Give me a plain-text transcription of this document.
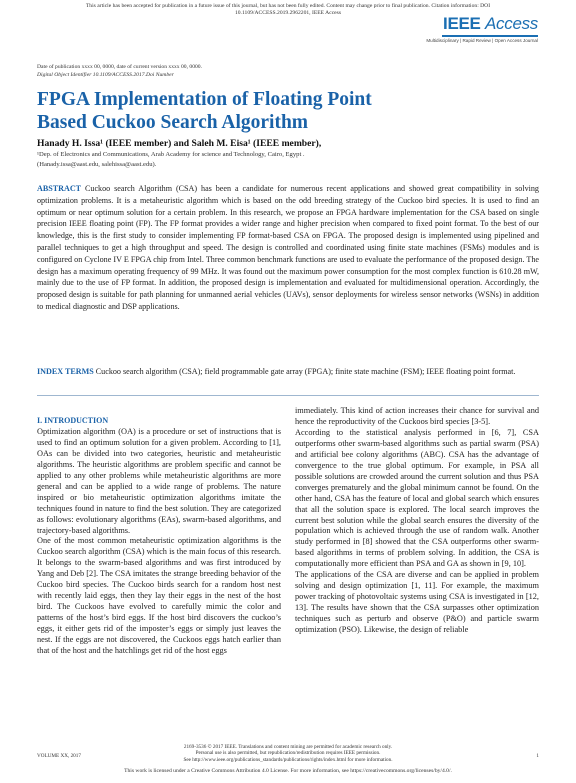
This article has been accepted for publication in a future issue of this journal, but has not been fully edited. Content may change prior to final publication. Citation information: DOI
10.1109/ACCESS.2019.2962201, IEEE Access
IEEE Access
Multidisciplinary | Rapid Review | Open Access Journal
Date of publication xxxx 00, 0000, date of current version xxxx 00, 0000.
Digital Object Identifier 10.1109/ACCESS.2017.Doi Number
FPGA Implementation of Floating Point
Based Cuckoo Search Algorithm
Hanady H. Issa¹ (IEEE member) and Saleh M. Eisa¹ (IEEE member),
¹Dep. of Electronics and Communications, Arab Academy for science and Technology, Cairo, Egypt .
(Hanady.issa@aast.edu, salehissa@aast.edu).
ABSTRACT Cuckoo search Algorithm (CSA) has been a candidate for numerous recent applications and showed great compatibility in solving optimization problems. It is a metaheuristic algorithm which is based on the odd breeding strategy of the Cuckoo bird species. It is used to find an optimum or near optimum solution for a certain problem. In this research, we propose an FPGA hardware implementation for the CSA based on single precision IEEE floating point (FP). The FP format provides a wider range and higher precision when compared to fixed point format. To the best of our knowledge, this is the first study to consider implementing FP format-based CSA on FPGA. The proposed design is implemented using pipelined and parallel techniques to get a high throughput and speed. The design is controlled and coordinated using finite state machines (FSMs) modules and is configured on Cyclone IV E FPGA chip from Intel. Three common benchmark functions are used to evaluate the performance of the proposed design. The design has a maximum operating frequency of 99 MHz. It was found out the maximum power consumption for the most complex function is 610.28 mW, mainly due to the use of FP format. In addition, the proposed design is implementation and evaluated for multidimensional operation. Accordingly, the proposed design is suitable for path planning for unmanned aerial vehicles (UAVs), sensor deployments for wireless sensor networks (WSNs) in addition to medical diagnostic and DSP applications.
INDEX TERMS Cuckoo search algorithm (CSA); field programmable gate array (FPGA); finite state machine (FSM); IEEE floating point format.
I. INTRODUCTION

Optimization algorithm (OA) is a procedure or set of instructions that is used to find an optimum solution for a given problem. According to [1], OAs can be divided into two categories, heuristic and metaheuristic algorithms. The heuristic algorithms are problem specific and cannot be applied to any other problems while metaheuristic algorithms are more general and can be applied to a wide range of problems. The nature inspired or bio metaheuristic optimization algorithms imitate the techniques found in nature to find the best solution. They are categorized as follows: evolutionary algorithms (EAs), swarm-based algorithms, and trajectory-based algorithms.

One of the most common metaheuristic optimization algorithms is the Cuckoo search algorithm (CSA) which is the main focus of this research. It belongs to the swarm-based algorithms and was first introduced by Yang and Deb [2]. The CSA imitates the strange breeding behavior of the Cuckoo bird species. The Cuckoo birds search for a random host nest with recently laid eggs, then they lay their eggs in the nest of the host bird. The Cuckoos have evolved to carefully mimic the color and patterns of the host’s bird eggs. If the host bird discovers the cuckoo’s eggs, it either gets rid of the imposter’s eggs or simply just leaves the nest. If the eggs are not discovered, the Cuckoos eggs hatch earlier than that of the host and the hatchlings get rid of the host eggs

immediately. This kind of action increases their chance for survival and hence the reproductivity of the Cuckoos bird species [3-5].

According to the statistical analysis performed in [6, 7], CSA outperforms other swarm-based algorithms such as partial swarm (PSA) and artificial bee colony algorithms (ABC). CSA has the advantage of convergence to the true global optimum. For example, in PSA all possible solutions are crowded around the current solution and thus PSA converges prematurely and the global minimum cannot be found. On the other hand, CSA has the feature of local and global search which ensures that all the solution space is explored. The local search improves the current best solution while the global search ensures the diversity of the population which is achieved through the use of random walk. Another study performed in [8] showed that the CSA outperforms other swarm-based algorithms in terms of problem solving. In addition, the CSA is computationally more efficient than PSA and GA as shown in [9, 10].

The applications of the CSA are diverse and can be applied in problem solving and design optimization [1, 11]. For example, the maximum power tracking of photovoltaic systems using CSA is investigated in [12, 13]. The results have shown that the CSA surpasses other optimization techniques such as perturb and observe (P&O) and particle swarm optimization (PSO). Likewise, the design of reliable

VOLUME XX, 2017
2169-3536 © 2017 IEEE. Translations and content mining are permitted for academic research only.
Personal use is also permitted, but republication/redistribution requires IEEE permission.
See http://www.ieee.org/publications_standards/publications/rights/index.html for more information.
1
This work is licensed under a Creative Commons Attribution 4.0 License. For more information, see https://creativecommons.org/licenses/by/4.0/.
